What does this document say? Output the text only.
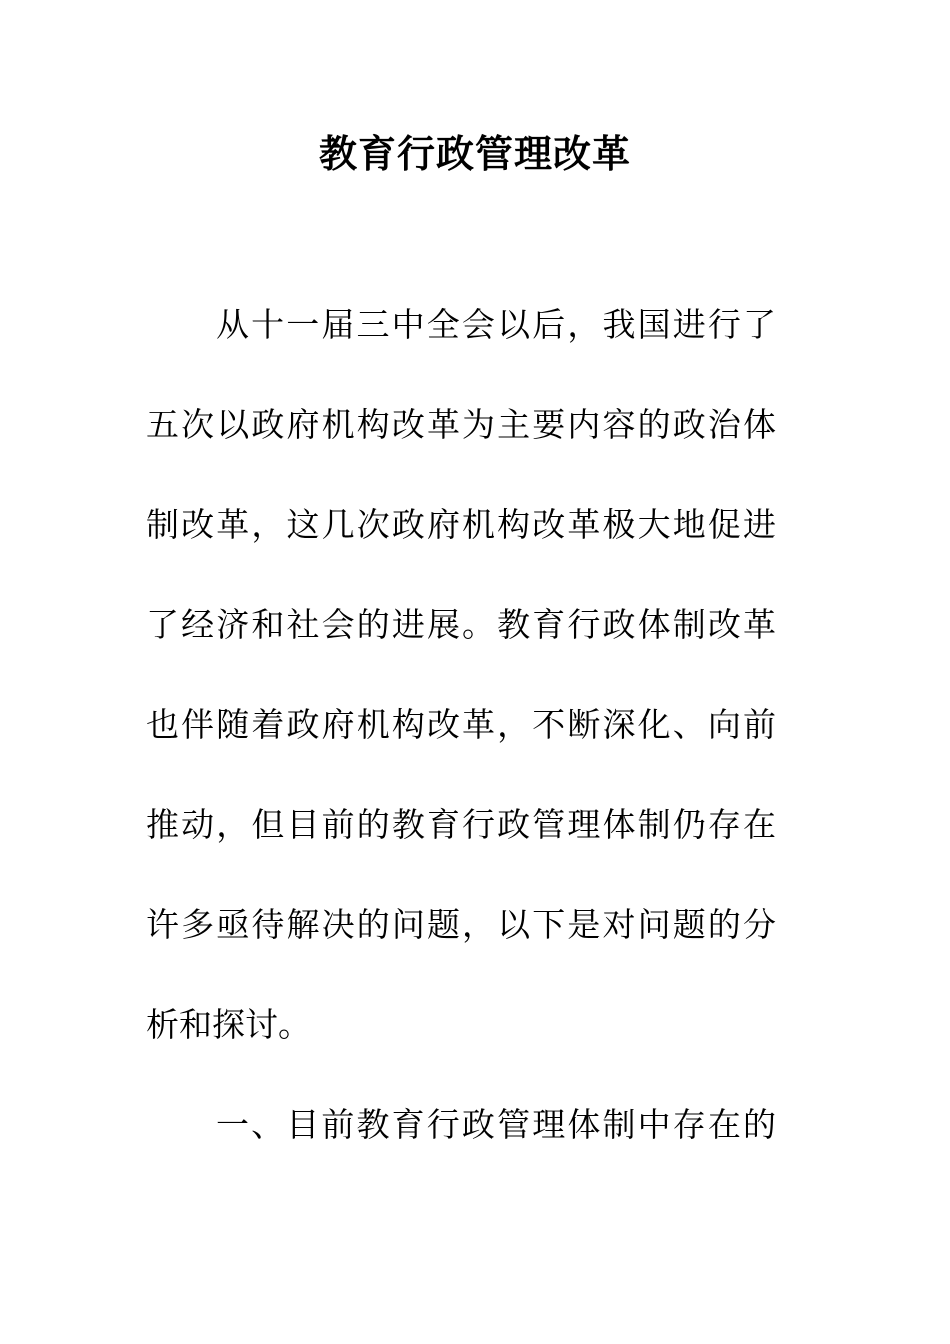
教育行政管理改革
从十一届三中全会以后，我国进行了
五次以政府机构改革为主要内容的政治体
制改革，这几次政府机构改革极大地促进
了经济和社会的进展。教育行政体制改革
也伴随着政府机构改革，不断深化、向前
推动，但目前的教育行政管理体制仍存在
许多亟待解决的问题，以下是对问题的分
析和探讨。
一、目前教育行政管理体制中存在的
